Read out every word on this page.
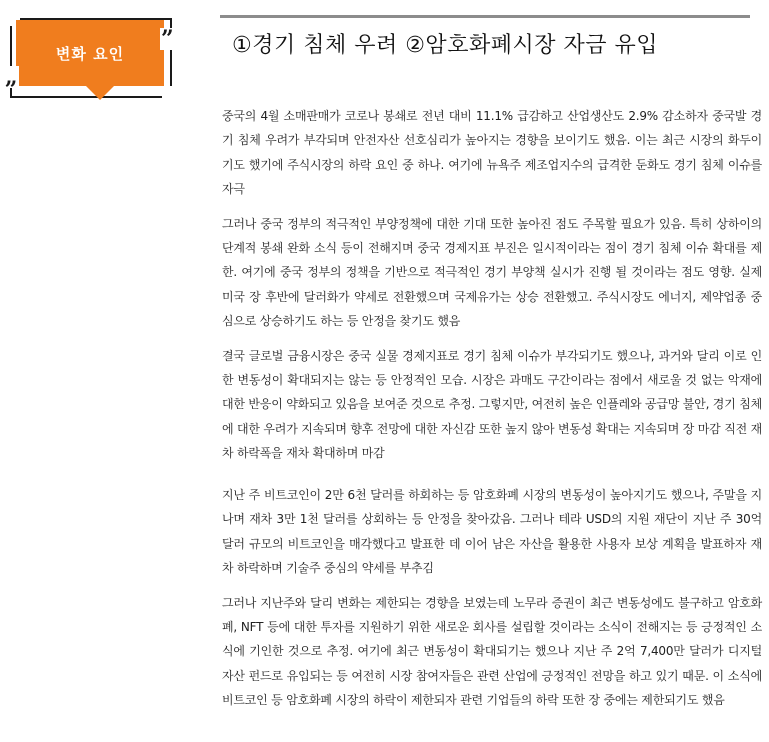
변화 요인
”
„
①경기 침체 우려 ②암호화폐시장 자금 유입

중국의 4월 소매판매가 코로나 봉쇄로 전년 대비 11.1% 급감하고 산업생산도 2.9% 감소하자 중국발 경기 침체 우려가 부각되며 안전자산 선호심리가 높아지는 경향을 보이기도 했음. 이는 최근 시장의 화두이기도 했기에 주식시장의 하락 요인 중 하나. 여기에 뉴욕주 제조업지수의 급격한 둔화도 경기 침체 이슈를 자극

그러나 중국 정부의 적극적인 부양정책에 대한 기대 또한 높아진 점도 주목할 필요가 있음. 특히 상하이의 단계적 봉쇄 완화 소식 등이 전해지며 중국 경제지표 부진은 일시적이라는 점이 경기 침체 이슈 확대를 제한. 여기에 중국 정부의 정책을 기반으로 적극적인 경기 부양책 실시가 진행 될 것이라는 점도 영향. 실제 미국 장 후반에 달러화가 약세로 전환했으며 국제유가는 상승 전환했고. 주식시장도 에너지, 제약업종 중심으로 상승하기도 하는 등 안정을 찾기도 했음

결국 글로벌 금융시장은 중국 실물 경제지표로 경기 침체 이슈가 부각되기도 했으나, 과거와 달리 이로 인한 변동성이 확대되지는 않는 등 안정적인 모습. 시장은 과매도 구간이라는 점에서 새로울 것 없는 악재에 대한 반응이 약화되고 있음을 보여준 것으로 추정. 그렇지만, 여전히 높은 인플레와 공급망 불안, 경기 침체에 대한 우려가 지속되며 향후 전망에 대한 자신감 또한 높지 않아 변동성 확대는 지속되며 장 마감 직전 재차 하락폭을 재차 확대하며 마감

지난 주 비트코인이 2만 6천 달러를 하회하는 등 암호화폐 시장의 변동성이 높아지기도 했으나, 주말을 지나며 재차 3만 1천 달러를 상회하는 등 안정을 찾아갔음. 그러나 테라 USD의 지원 재단이 지난 주 30억 달러 규모의 비트코인을 매각했다고 발표한 데 이어 남은 자산을 활용한 사용자 보상 계획을 발표하자 재차 하락하며 기술주 중심의 약세를 부추김

그러나 지난주와 달리 변화는 제한되는 경향을 보였는데 노무라 증권이 최근 변동성에도 불구하고 암호화폐, NFT 등에 대한 투자를 지원하기 위한 새로운 회사를 설립할 것이라는 소식이 전해지는 등 긍정적인 소식에 기인한 것으로 추정. 여기에 최근 변동성이 확대되기는 했으나 지난 주 2억 7,400만 달러가 디지털 자산 펀드로 유입되는 등 여전히 시장 참여자들은 관련 산업에 긍정적인 전망을 하고 있기 때문. 이 소식에 비트코인 등 암호화폐 시장의 하락이 제한되자 관련 기업들의 하락 또한 장 중에는 제한되기도 했음
